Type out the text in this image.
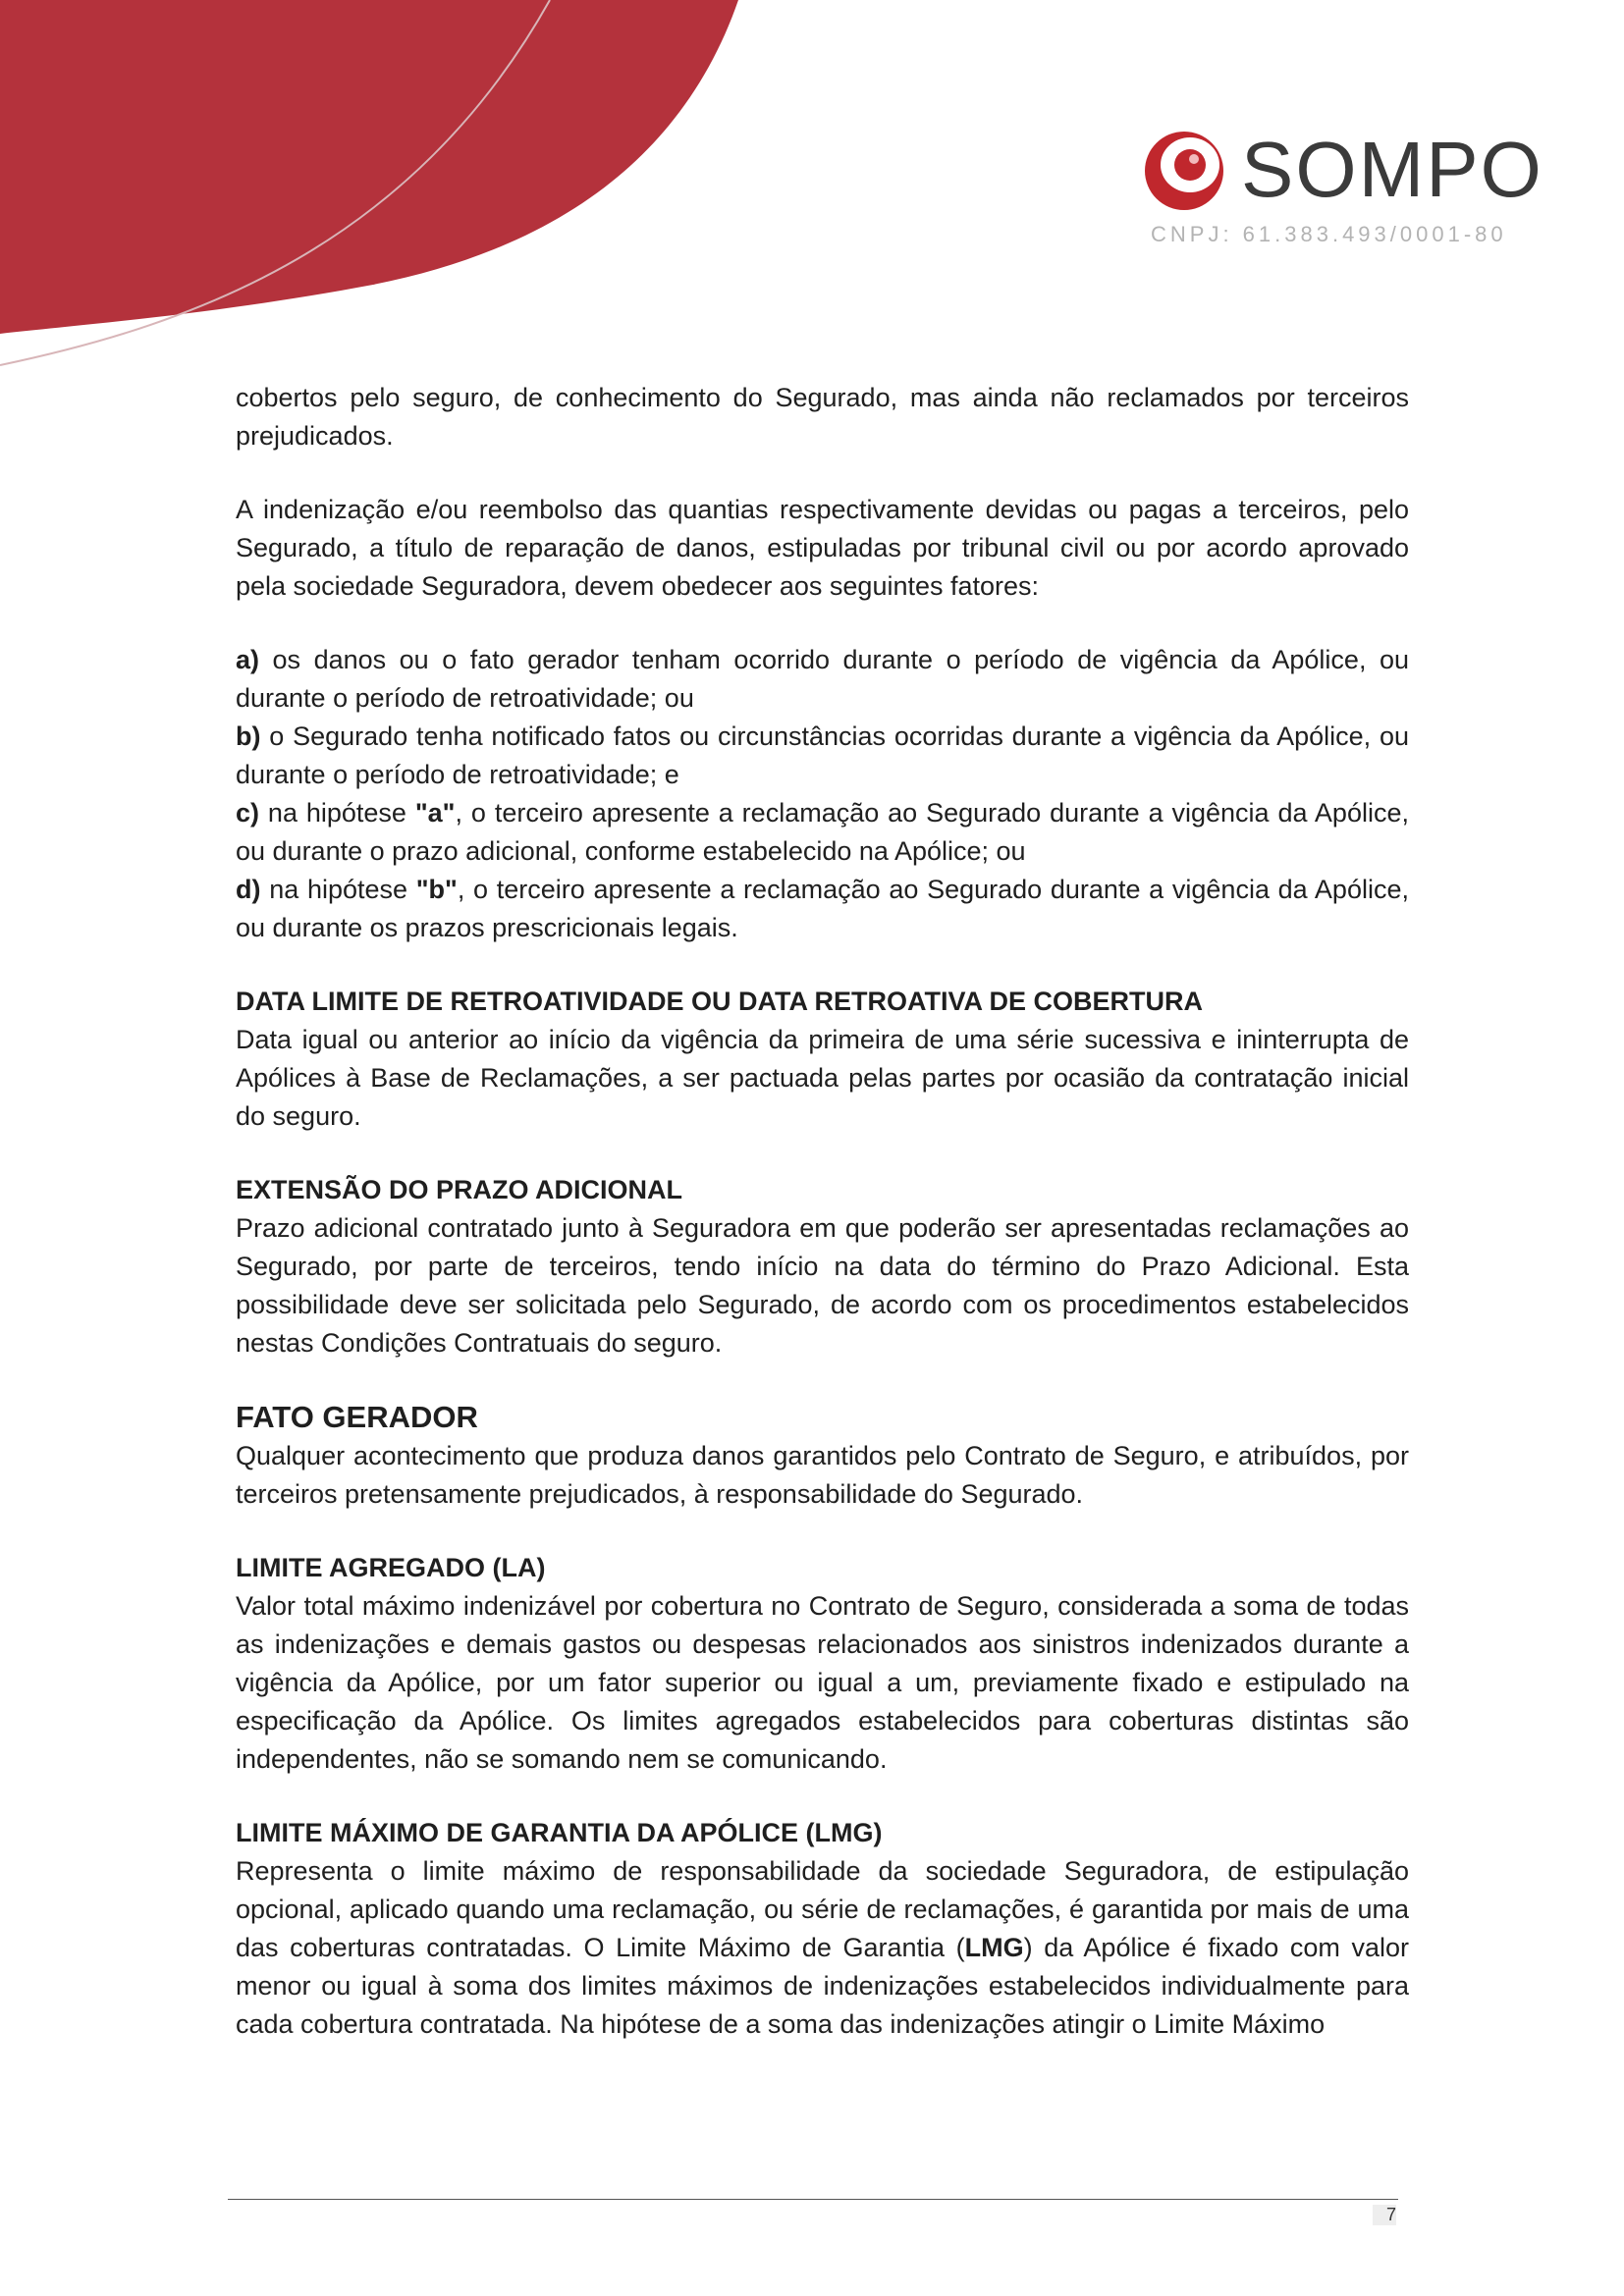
SOMPO
CNPJ: 61.383.493/0001-80

cobertos pelo seguro, de conhecimento do Segurado, mas ainda não reclamados por terceiros prejudicados.

A indenização e/ou reembolso das quantias respectivamente devidas ou pagas a terceiros, pelo Segurado, a título de reparação de danos, estipuladas por tribunal civil ou por acordo aprovado pela sociedade Seguradora, devem obedecer aos seguintes fatores:

a) os danos ou o fato gerador tenham ocorrido durante o período de vigência da Apólice, ou durante o período de retroatividade; ou

b) o Segurado tenha notificado fatos ou circunstâncias ocorridas durante a vigência da Apólice, ou durante o período de retroatividade; e

c) na hipótese "a", o terceiro apresente a reclamação ao Segurado durante a vigência da Apólice, ou durante o prazo adicional, conforme estabelecido na Apólice; ou

d) na hipótese "b", o terceiro apresente a reclamação ao Segurado durante a vigência da Apólice, ou durante os prazos prescricionais legais.

DATA LIMITE DE RETROATIVIDADE OU DATA RETROATIVA DE COBERTURA

Data igual ou anterior ao início da vigência da primeira de uma série sucessiva e ininterrupta de Apólices à Base de Reclamações, a ser pactuada pelas partes por ocasião da contratação inicial do seguro.

EXTENSÃO DO PRAZO ADICIONAL

Prazo adicional contratado junto à Seguradora em que poderão ser apresentadas reclamações ao Segurado, por parte de terceiros, tendo início na data do término do Prazo Adicional. Esta possibilidade deve ser solicitada pelo Segurado, de acordo com os procedimentos estabelecidos nestas Condições Contratuais do seguro.

FATO GERADOR

Qualquer acontecimento que produza danos garantidos pelo Contrato de Seguro, e atribuídos, por terceiros pretensamente prejudicados, à responsabilidade do Segurado.

LIMITE AGREGADO (LA)

Valor total máximo indenizável por cobertura no Contrato de Seguro, considerada a soma de todas as indenizações e demais gastos ou despesas relacionados aos sinistros indenizados durante a vigência da Apólice, por um fator superior ou igual a um, previamente fixado e estipulado na especificação da Apólice. Os limites agregados estabelecidos para coberturas distintas são independentes, não se somando nem se comunicando.

LIMITE MÁXIMO DE GARANTIA DA APÓLICE (LMG)

Representa o limite máximo de responsabilidade da sociedade Seguradora, de estipulação opcional, aplicado quando uma reclamação, ou série de reclamações, é garantida por mais de uma das coberturas contratadas. O Limite Máximo de Garantia (LMG) da Apólice é fixado com valor menor ou igual à soma dos limites máximos de indenizações estabelecidos individualmente para cada cobertura contratada. Na hipótese de a soma das indenizações atingir o Limite Máximo

7
